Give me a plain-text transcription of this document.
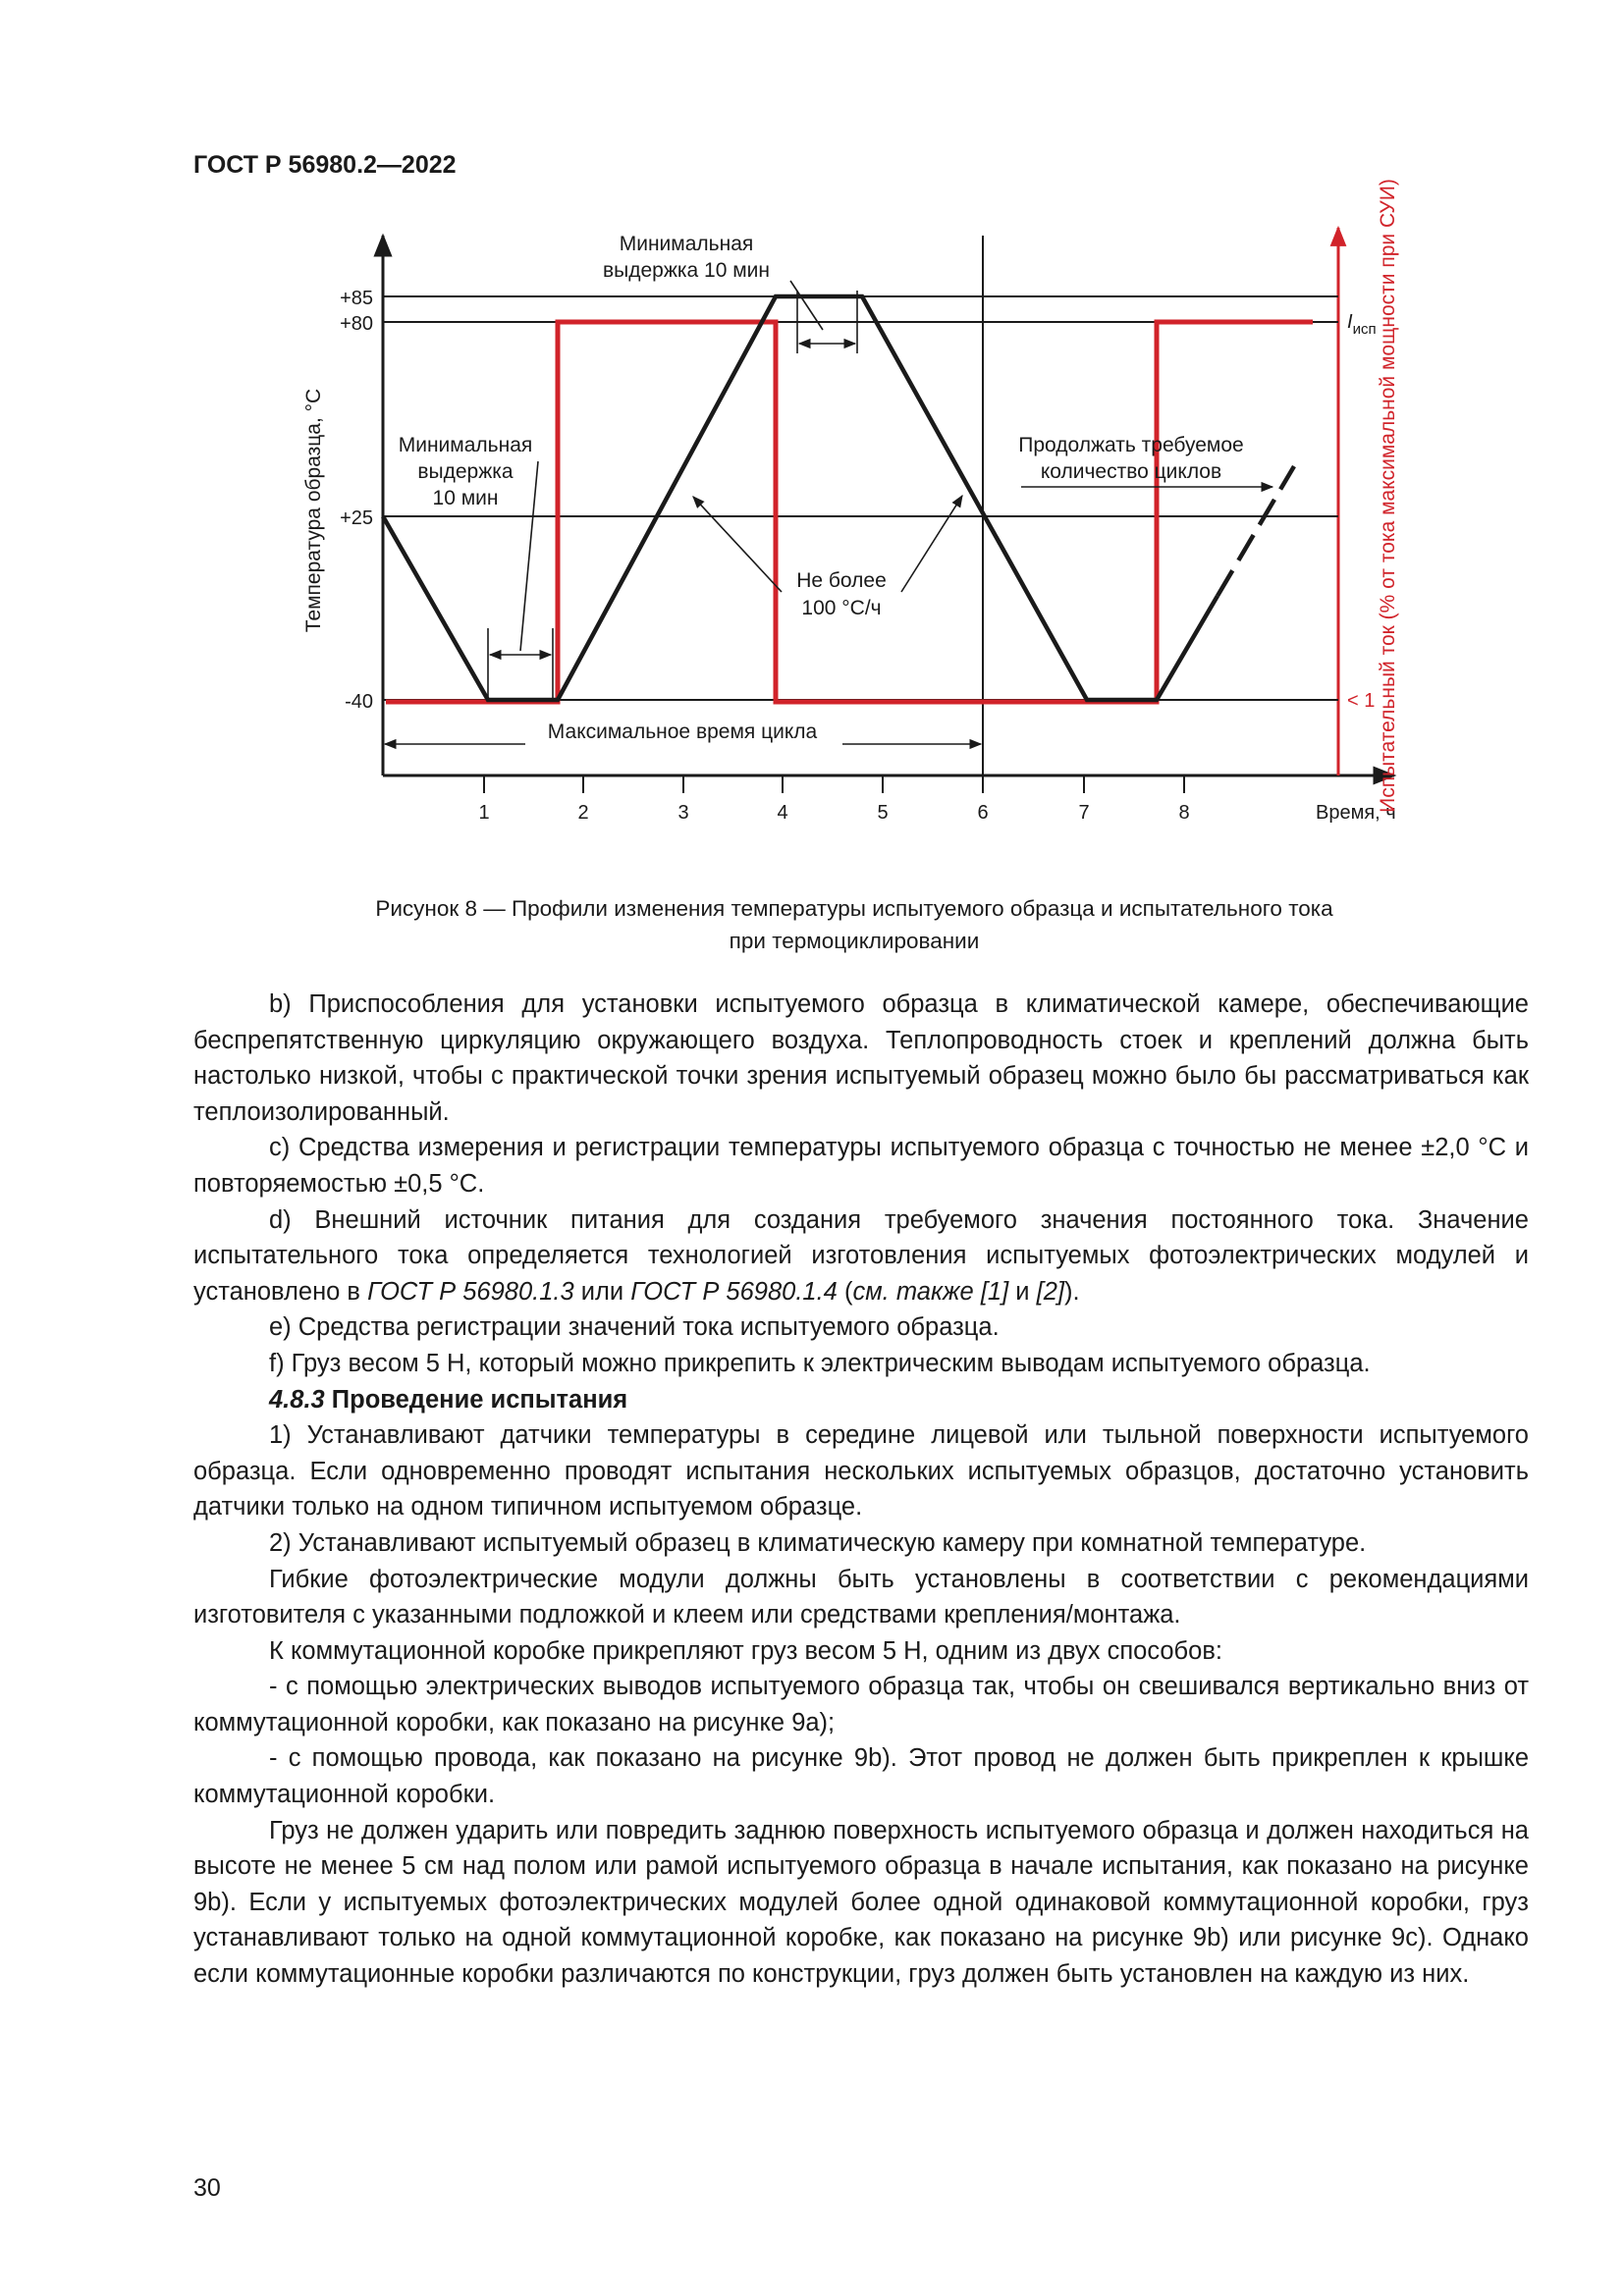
ГОСТ Р 56980.2—2022
1	2	3	4	5	6	7	8	Время, ч
+85
+80
+25
-40
Температура образца, °С
$I_{исп}$
< 1 Испытательный ток (% от тока максимальной мощности при СУИ)
Минимальная
выдержка 10 мин
Минимальная
выдержка
10 мин
Не более
100 °С/ч
Продолжать требуемое
количество циклов
Максимальное время цикла
Рисунок 8 — Профили изменения температуры испытуемого образца и испытательного тока
при термоциклировании

b) Приспособления для установки испытуемого образца в климатической камере, обеспечивающие беспрепятственную циркуляцию окружающего воздуха. Теплопроводность стоек и креплений должна быть настолько низкой, чтобы с практической точки зрения испытуемый образец можно было бы рассматриваться как теплоизолированный.

c) Средства измерения и регистрации температуры испытуемого образца с точностью не менее ±2,0 °С и повторяемостью ±0,5 °С.

d) Внешний источник питания для создания требуемого значения постоянного тока. Значение испытательного тока определяется технологией изготовления испытуемых фотоэлектрических модулей и установлено в ГОСТ Р 56980.1.3 или ГОСТ Р 56980.1.4 (см. также [1] и [2]).

e) Средства регистрации значений тока испытуемого образца.

f) Груз весом 5 Н, который можно прикрепить к электрическим выводам испытуемого образца.

4.8.3 Проведение испытания

1) Устанавливают датчики температуры в середине лицевой или тыльной поверхности испытуемого образца. Если одновременно проводят испытания нескольких испытуемых образцов, достаточно установить датчики только на одном типичном испытуемом образце.

2) Устанавливают испытуемый образец в климатическую камеру при комнатной температуре.

Гибкие фотоэлектрические модули должны быть установлены в соответствии с рекомендациями изготовителя с указанными подложкой и клеем или средствами крепления/монтажа.

К коммутационной коробке прикрепляют груз весом 5 Н, одним из двух способов:

- с помощью электрических выводов испытуемого образца так, чтобы он свешивался вертикально вниз от коммутационной коробки, как показано на рисунке 9а);

- с помощью провода, как показано на рисунке 9b). Этот провод не должен быть прикреплен к крышке коммутационной коробки.

Груз не должен ударить или повредить заднюю поверхность испытуемого образца и должен находиться на высоте не менее 5 см над полом или рамой испытуемого образца в начале испытания, как показано на рисунке 9b). Если у испытуемых фотоэлектрических модулей более одной одинаковой коммутационной коробки, груз устанавливают только на одной коммутационной коробке, как показано на рисунке 9b) или рисунке 9с). Однако если коммутационные коробки различаются по конструкции, груз должен быть установлен на каждую из них.

30
